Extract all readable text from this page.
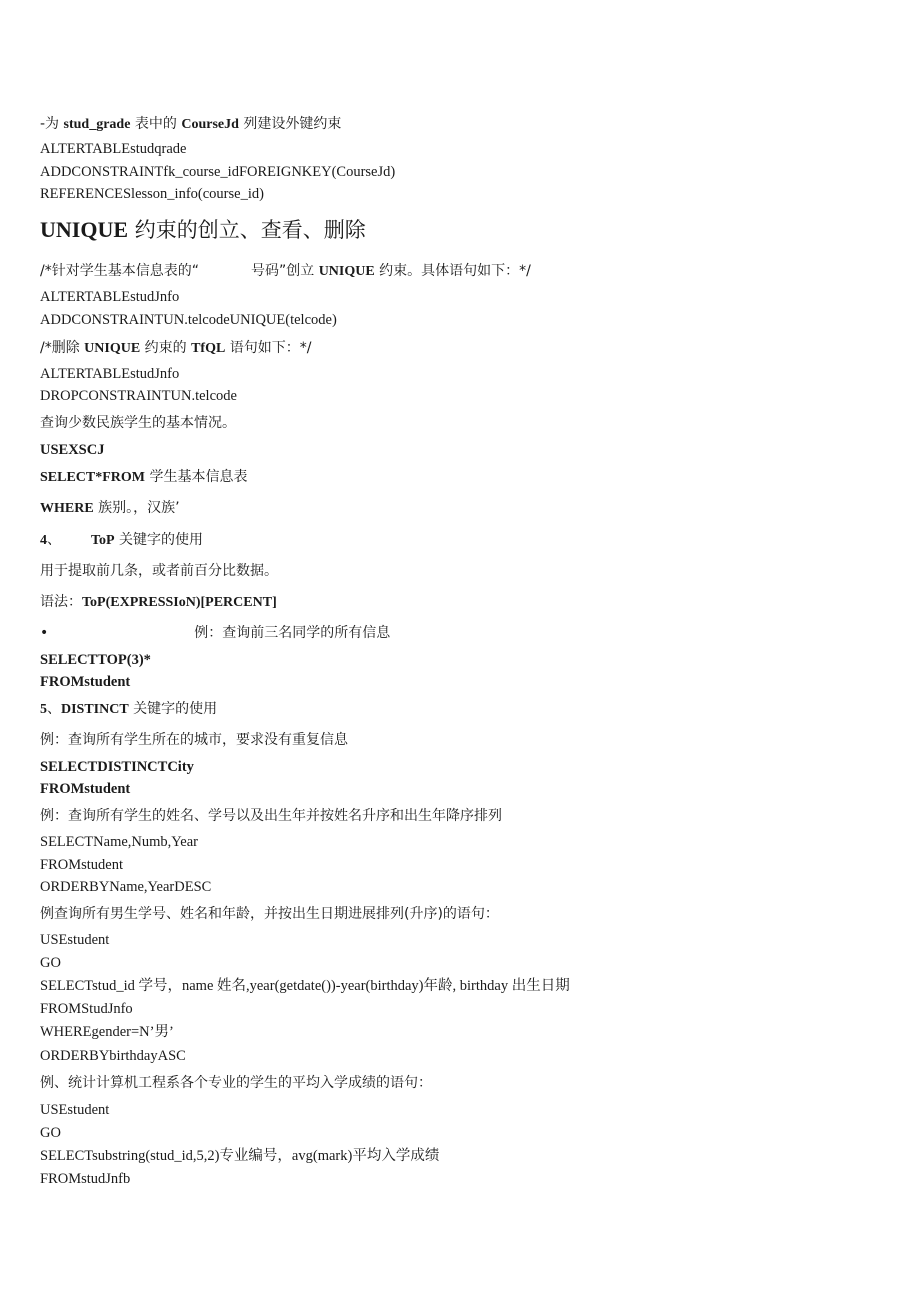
-为 stud_grade 表中的 CourseJd 列建设外键约束
ALTERTABLEstudqrade
ADDCONSTRAINTfk_course_idFOREIGNKEY(CourseJd)
REFERENCESlesson_info(course_id)
UNIQUE 约束的创立、查看、删除
/*针对学生基本信息表的“	号码”创立 UNIQUE 约束。具体语句如下：*/
ALTERTABLEstudJnfo
ADDCONSTRAINTUN.telcodeUNIQUE(telcode)
/*删除 UNIQUE 约束的 TfQL 语句如下：*/
ALTERTABLEstudJnfo
DROPCONSTRAINTUN.telcode
查询少数民族学生的基本情况。
USEXSCJ
SELECT*FROM 学生基本信息表
WHERE 族别。，汉族’
4、 ToP 关键字的使用
用于提取前几条，或者前百分比数据。
语法：ToP(EXPRESSIoN)[PERCENT]
•	例：查询前三名同学的所有信息
SELECTTOP(3)*
FROMstudent
5、DISTINCT 关键字的使用
例：查询所有学生所在的城市，要求没有重复信息
SELECTDISTINCTCity
FROMstudent
例：查询所有学生的姓名、学号以及出生年并按姓名升序和出生年降序排列
SELECTName,Numb,Year
FROMstudent
ORDERBYName,YearDESC
例查询所有男生学号、姓名和年龄，并按出生日期进展排列(升序)的语句：
USEstudent
GO
SELECTstud_id 学号，name 姓名,year(getdate())-year(birthday)年龄, birthday 出生日期
FROMStudJnfo
WHEREgender=N’男’
ORDERBYbirthdayASC
例、统计计算机工程系各个专业的学生的平均入学成绩的语句：
USEstudent
GO
SELECTsubstring(stud_id,5,2)专业编号，avg(mark)平均入学成绩
FROMstudJnfb
